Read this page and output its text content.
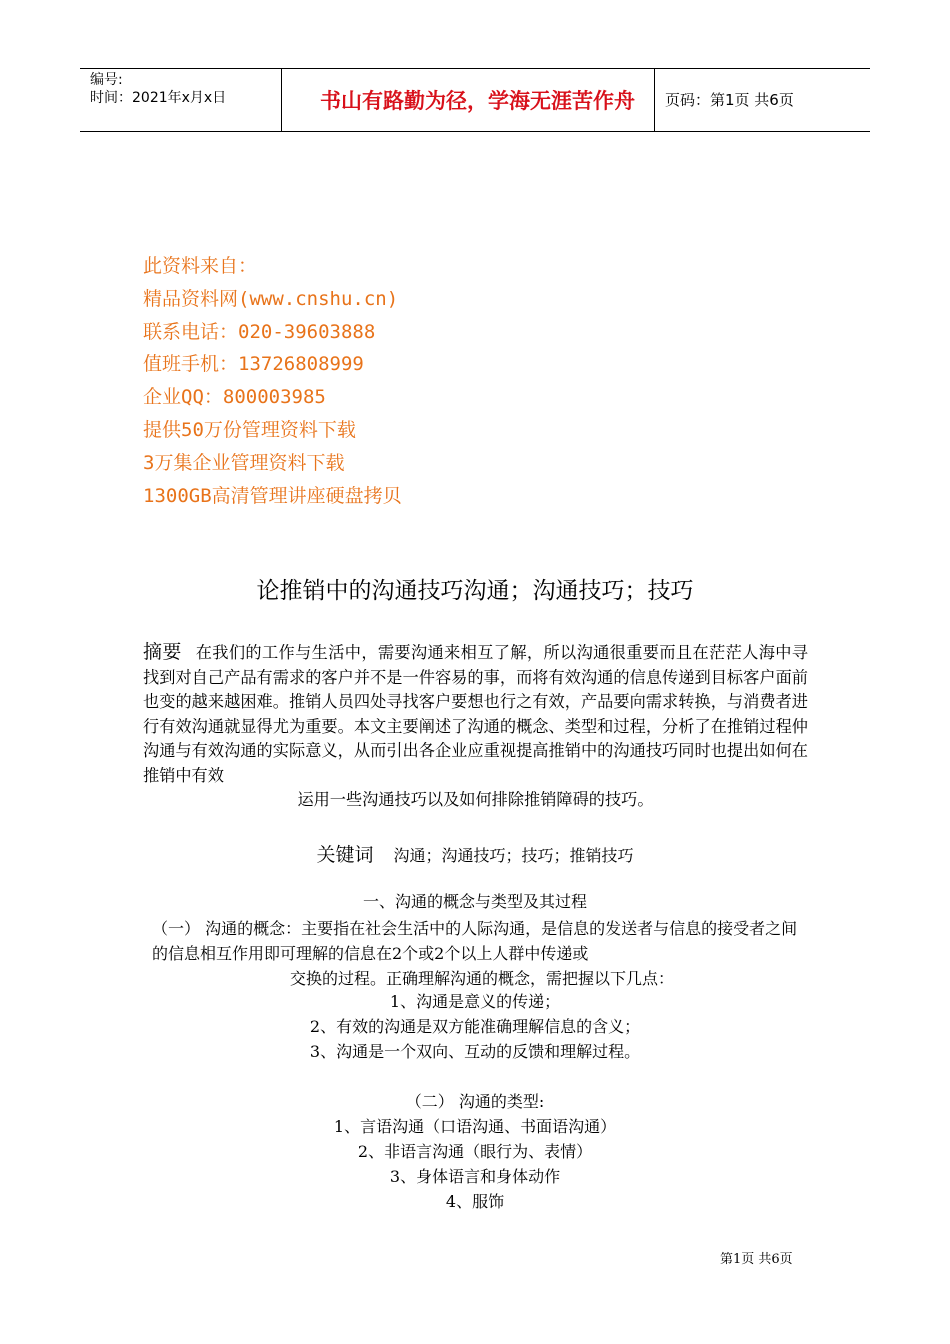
编号:
时间：2021年x月x日	书山有路勤为径，学海无涯苦作舟	页码：第1页 共6页
此资料来自：
精品资料网(www.cnshu.cn)
联系电话：020-39603888
值班手机：13726808999
企业QQ：800003985
提供50万份管理资料下载
3万集企业管理资料下载
1300GB高清管理讲座硬盘拷贝
论推销中的沟通技巧沟通；沟通技巧；技巧
摘要 在我们的工作与生活中，需要沟通来相互了解，所以沟通很重要而且在茫茫人海中寻找到对自己产品有需求的客户并不是一件容易的事，而将有效沟通的信息传递到目标客户面前也变的越来越困难。推销人员四处寻找客户要想也行之有效，产品要向需求转换，与消费者进行有效沟通就显得尤为重要。本文主要阐述了沟通的概念、类型和过程，分析了在推销过程仲沟通与有效沟通的实际意义，从而引出各企业应重视提高推销中的沟通技巧同时也提出如何在推销中有效
运用一些沟通技巧以及如何排除推销障碍的技巧。
关键词 沟通；沟通技巧；技巧；推销技巧
一、沟通的概念与类型及其过程
（一） 沟通的概念：主要指在社会生活中的人际沟通，是信息的发送者与信息的接受者之间的信息相互作用即可理解的信息在2个或2个以上人群中传递或
交换的过程。正确理解沟通的概念，需把握以下几点：
1、沟通是意义的传递；
2、有效的沟通是双方能准确理解信息的含义；
3、沟通是一个双向、互动的反馈和理解过程。
（二） 沟通的类型:
1、言语沟通（口语沟通、书面语沟通）
2、非语言沟通（眼行为、表情）
3、身体语言和身体动作
4、服饰
第1页 共6页
